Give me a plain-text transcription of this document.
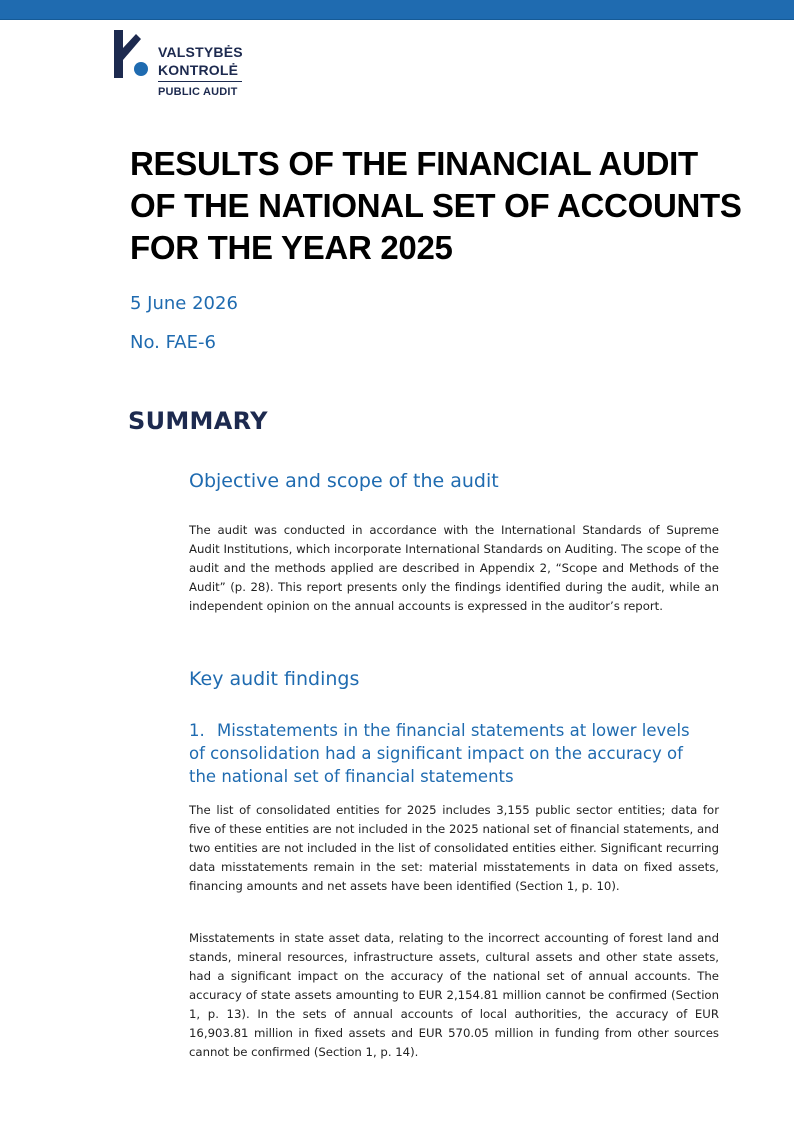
VALSTYBĖS
KONTROLĖ
PUBLIC AUDIT
RESULTS OF THE FINANCIAL AUDIT OF THE NATIONAL SET OF ACCOUNTS FOR THE YEAR 2025

5 June 2026

No. FAE-6

SUMMARY
Objective and scope of the audit

The audit was conducted in accordance with the International Standards of Supreme Audit Institutions, which incorporate International Standards on Auditing. The scope of the audit and the methods applied are described in Appendix 2, “Scope and Methods of the Audit” (p. 28). This report presents only the findings identified during the audit, while an independent opinion on the annual accounts is expressed in the auditor’s report.

Key audit findings

1. Misstatements in the financial statements at lower levels of consolidation had a significant impact on the accuracy of the national set of financial statements

The list of consolidated entities for 2025 includes 3,155 public sector entities; data for five of these entities are not included in the 2025 national set of financial statements, and two entities are not included in the list of consolidated entities either. Significant recurring data misstatements remain in the set: material misstatements in data on fixed assets, financing amounts and net assets have been identified (Section 1, p. 10).

Misstatements in state asset data, relating to the incorrect accounting of forest land and stands, mineral resources, infrastructure assets, cultural assets and other state assets, had a significant impact on the accuracy of the national set of annual accounts. The accuracy of state assets amounting to EUR 2,154.81 million cannot be confirmed (Section 1, p. 13). In the sets of annual accounts of local authorities, the accuracy of EUR 16,903.81 million in fixed assets and EUR 570.05 million in funding from other sources cannot be confirmed (Section 1, p. 14).
